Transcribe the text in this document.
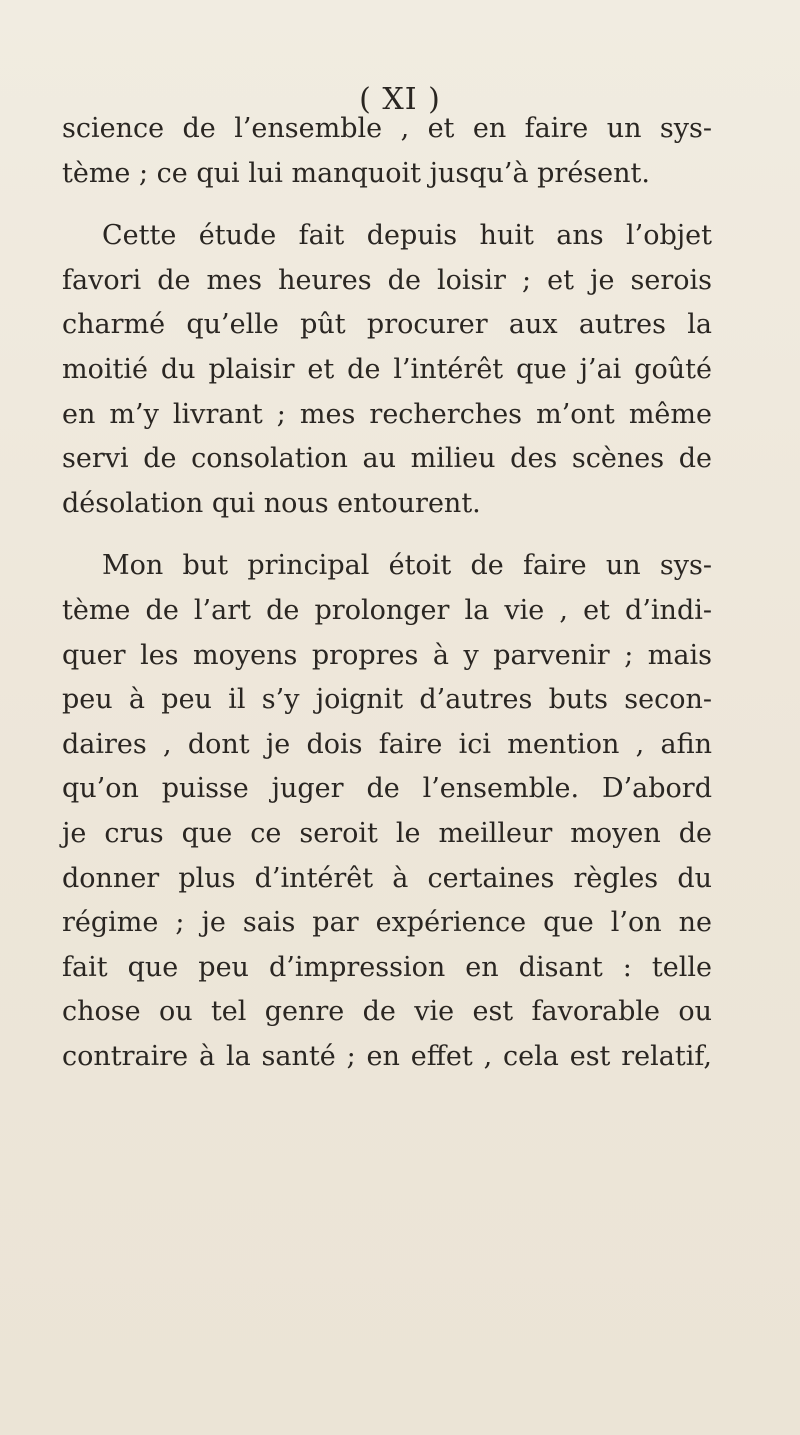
( XI )
science de l’ensemble , et en faire un sys-
tème ; ce qui lui manquoit jusqu’à présent.
Cette étude fait depuis huit ans l’objet
favori de mes heures de loisir ; et je serois
charmé qu’elle pût procurer aux autres la
moitié du plaisir et de l’intérêt que j’ai goûté
en m’y livrant ; mes recherches m’ont même
servi de consolation au milieu des scènes de
désolation qui nous entourent.
Mon but principal étoit de faire un sys-
tème de l’art de prolonger la vie , et d’indi-
quer les moyens propres à y parvenir ; mais
peu à peu il s’y joignit d’autres buts secon-
daires , dont je dois faire ici mention , afin
qu’on puisse juger de l’ensemble. D’abord
je crus que ce seroit le meilleur moyen de
donner plus d’intérêt à certaines règles du
régime ; je sais par expérience que l’on ne
fait que peu d’impression en disant : telle
chose ou tel genre de vie est favorable ou
contraire à la santé ; en effet , cela est relatif,
